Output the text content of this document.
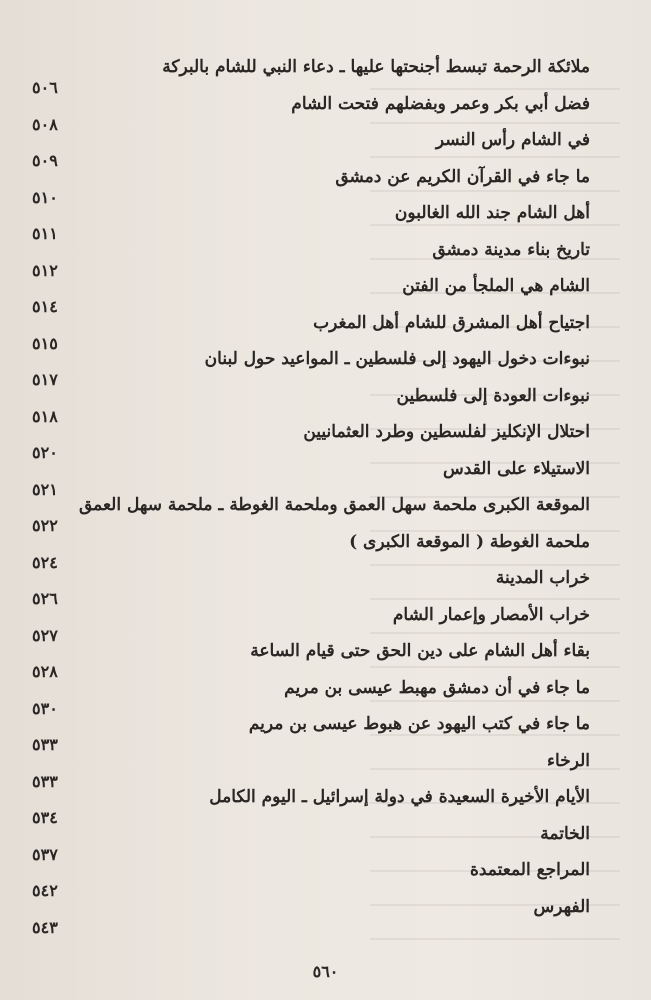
ملائكة الرحمة تبسط أجنحتها عليها ـ دعاء النبي للشام بالبركة
٥٠٦
فضل أبي بكر وعمر وبفضلهم فتحت الشام
٥٠٨
في الشام رأس النسر
٥٠٩
ما جاء في القرآن الكريم عن دمشق
٥١٠
أهل الشام جند الله الغالبون
٥١١
تاريخ بناء مدينة دمشق
٥١٢
الشام هي الملجأ من الفتن
٥١٤
اجتياح أهل المشرق للشام أهل المغرب
٥١٥
نبوءات دخول اليهود إلى فلسطين ـ المواعيد حول لبنان
٥١٧
نبوءات العودة إلى فلسطين
٥١٨
احتلال الإنكليز لفلسطين وطرد العثمانيين
٥٢٠
الاستيلاء على القدس
٥٢١
الموقعة الكبرى ملحمة سهل العمق وملحمة الغوطة ـ ملحمة سهل العمق
٥٢٢
ملحمة الغوطة ( الموقعة الكبرى )
٥٢٤
خراب المدينة
٥٢٦
خراب الأمصار وإعمار الشام
٥٢٧
بقاء أهل الشام على دين الحق حتى قيام الساعة
٥٢٨
ما جاء في أن دمشق مهبط عيسى بن مريم
٥٣٠
ما جاء في كتب اليهود عن هبوط عيسى بن مريم
٥٣٣
الرخاء
٥٣٣
الأيام الأخيرة السعيدة في دولة إسرائيل ـ اليوم الكامل
٥٣٤
الخاتمة
٥٣٧
المراجع المعتمدة
٥٤٢
الفهرس
٥٤٣
٥٦٠
